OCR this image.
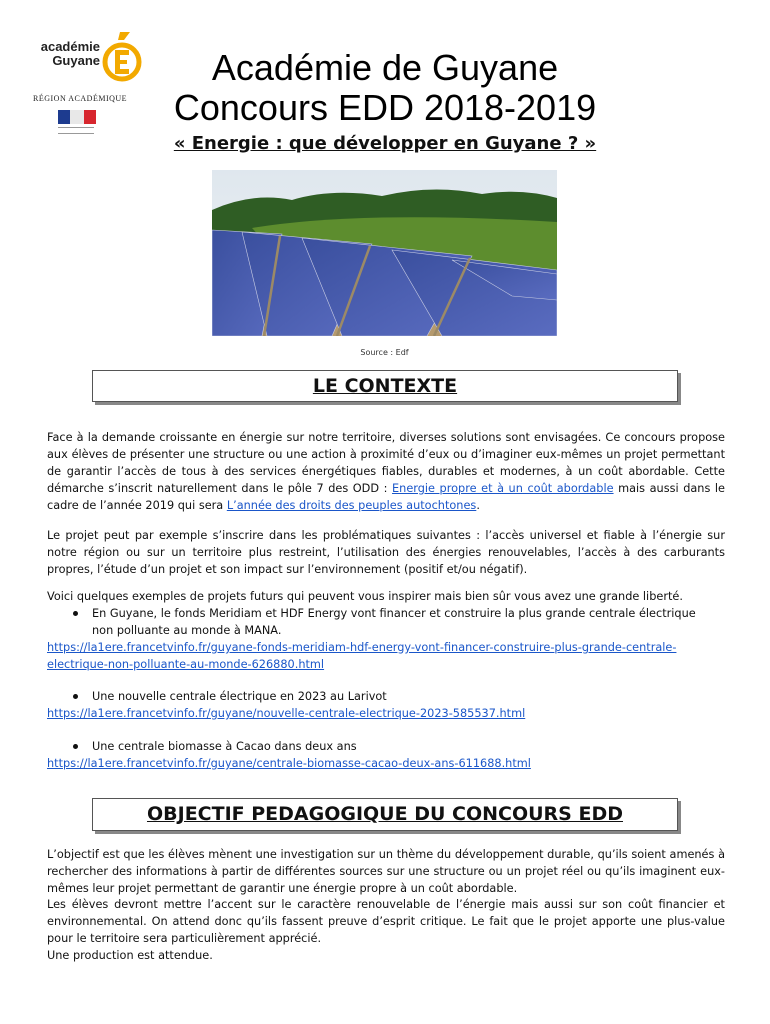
académie
Guyane
RÉGION ACADÉMIQUE
Académie de Guyane
Concours EDD 2018-2019
« Energie : que développer en Guyane ? »
Source : Edf
LE CONTEXTE
Face à la demande croissante en énergie sur notre territoire, diverses solutions sont envisagées. Ce concours propose aux élèves de présenter une structure ou une action à proximité d’eux ou d’imaginer eux-mêmes un projet permettant de garantir l’accès de tous à des services énergétiques fiables, durables et modernes, à un coût abordable. Cette démarche s’inscrit naturellement dans le pôle 7 des ODD : Energie propre et à un coût abordable mais aussi dans le cadre de l’année 2019 qui sera L’année des droits des peuples autochtones.
Le projet peut par exemple s’inscrire dans les problématiques suivantes : l’accès universel et fiable à l’énergie sur notre région ou sur un territoire plus restreint, l’utilisation des énergies renouvelables, l’accès à des carburants propres, l’étude d’un projet et son impact sur l’environnement (positif et/ou négatif).
Voici quelques exemples de projets futurs qui peuvent vous inspirer mais bien sûr vous avez une grande liberté.
En Guyane, le fonds Meridiam et HDF Energy vont financer et construire la plus grande centrale électrique
non polluante au monde à MANA.
https://la1ere.francetvinfo.fr/guyane-fonds-meridiam-hdf-energy-vont-financer-construire-plus-grande-centrale-
electrique-non-polluante-au-monde-626880.html
Une nouvelle centrale électrique en 2023 au Larivot
https://la1ere.francetvinfo.fr/guyane/nouvelle-centrale-electrique-2023-585537.html
Une centrale biomasse à Cacao dans deux ans
https://la1ere.francetvinfo.fr/guyane/centrale-biomasse-cacao-deux-ans-611688.html
OBJECTIF PEDAGOGIQUE DU CONCOURS EDD
L’objectif est que les élèves mènent une investigation sur un thème du développement durable, qu’ils soient amenés à rechercher des informations à partir de différentes sources sur une structure ou un projet réel ou qu’ils imaginent eux-mêmes leur projet permettant de garantir une énergie propre à un coût abordable.
Les élèves devront mettre l’accent sur le caractère renouvelable de l’énergie mais aussi sur son coût financier et environnemental. On attend donc qu’ils fassent preuve d’esprit critique. Le fait que le projet apporte une plus-value pour le territoire sera particulièrement apprécié.
Une production est attendue.
